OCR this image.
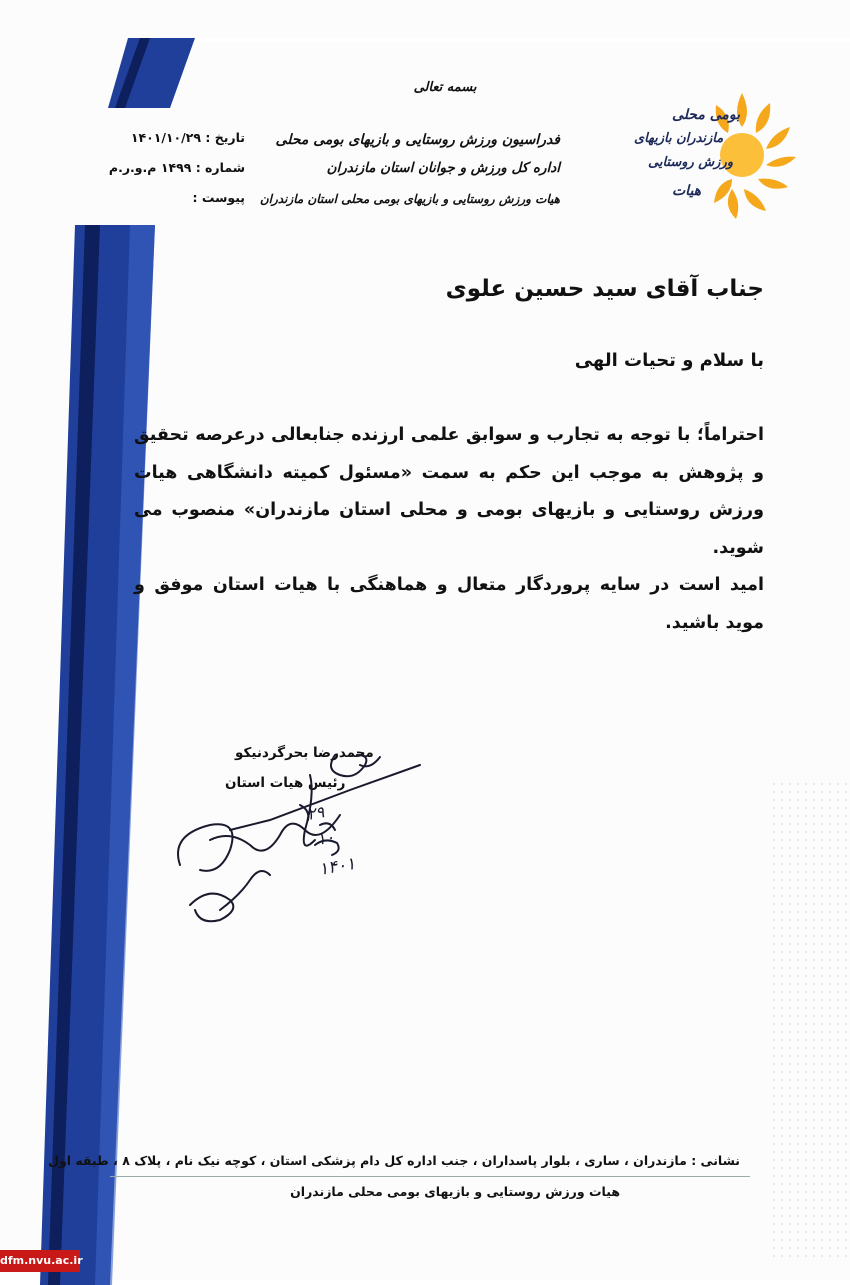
بومی محلی
مازندران بازیهای
ورزش روستایی
هیات
بسمه تعالی
فدراسیون ورزش روستایی و بازیهای بومی محلی
اداره کل ورزش و جوانان استان مازندران
هیات ورزش روستایی و بازیهای بومی محلی استان مازندران
تاریخ : ۱۴۰۱/۱۰/۲۹
شماره : ۱۴۹۹ م.و.ر.م
پیوست :
جناب آقای سید حسین علوی
با سلام و تحیات الهی
احتراماً؛ با توجه به تجارب و سوابق علمی ارزنده جنابعالی درعرصه تحقیق و پژوهش به موجب این حکم به سمت «مسئول کمیته دانشگاهی هیات ورزش روستایی و بازیهای بومی و محلی استان مازندران» منصوب می شوید.
امید است در سایه پروردگار متعال و هماهنگی با هیات استان موفق و موید باشید.
محمدرضا بحرگردنیکو
رئیس هیات استان
۲۹
۱۰
۱۴۰۱
نشانی : مازندران ، ساری ، بلوار پاسداران ، جنب اداره کل دام پزشکی استان ، کوچه نیک نام ، پلاک ۸ ، طبقه اول
هیات ورزش روستایی و بازیهای بومی محلی مازندران
dfm.nvu.ac.ir
